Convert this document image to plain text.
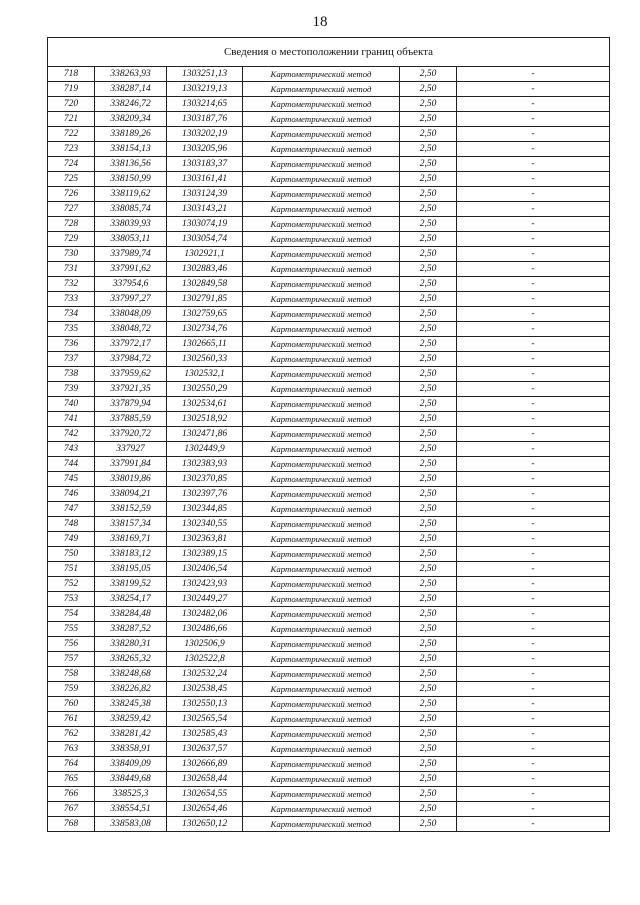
18
Сведения о местоположении границ объекта					
718	338263,93	1303251,13	Картометрический метод	2,50	-
719	338287,14	1303219,13	Картометрический метод	2,50	-
720	338246,72	1303214,65	Картометрический метод	2,50	-
721	338209,34	1303187,76	Картометрический метод	2,50	-
722	338189,26	1303202,19	Картометрический метод	2,50	-
723	338154,13	1303205,96	Картометрический метод	2,50	-
724	338136,56	1303183,37	Картометрический метод	2,50	-
725	338150,99	1303161,41	Картометрический метод	2,50	-
726	338119,62	1303124,39	Картометрический метод	2,50	-
727	338085,74	1303143,21	Картометрический метод	2,50	-
728	338039,93	1303074,19	Картометрический метод	2,50	-
729	338053,11	1303054,74	Картометрический метод	2,50	-
730	337989,74	1302921,1	Картометрический метод	2,50	-
731	337991,62	1302883,46	Картометрический метод	2,50	-
732	337954,6	1302849,58	Картометрический метод	2,50	-
733	337997,27	1302791,85	Картометрический метод	2,50	-
734	338048,09	1302759,65	Картометрический метод	2,50	-
735	338048,72	1302734,76	Картометрический метод	2,50	-
736	337972,17	1302665,11	Картометрический метод	2,50	-
737	337984,72	1302560,33	Картометрический метод	2,50	-
738	337959,62	1302532,1	Картометрический метод	2,50	-
739	337921,35	1302550,29	Картометрический метод	2,50	-
740	337879,94	1302534,61	Картометрический метод	2,50	-
741	337885,59	1302518,92	Картометрический метод	2,50	-
742	337920,72	1302471,86	Картометрический метод	2,50	-
743	337927	1302449,9	Картометрический метод	2,50	-
744	337991,84	1302383,93	Картометрический метод	2,50	-
745	338019,86	1302370,85	Картометрический метод	2,50	-
746	338094,21	1302397,76	Картометрический метод	2,50	-
747	338152,59	1302344,85	Картометрический метод	2,50	-
748	338157,34	1302340,55	Картометрический метод	2,50	-
749	338169,71	1302363,81	Картометрический метод	2,50	-
750	338183,12	1302389,15	Картометрический метод	2,50	-
751	338195,05	1302406,54	Картометрический метод	2,50	-
752	338199,52	1302423,93	Картометрический метод	2,50	-
753	338254,17	1302449,27	Картометрический метод	2,50	-
754	338284,48	1302482,06	Картометрический метод	2,50	-
755	338287,52	1302486,66	Картометрический метод	2,50	-
756	338280,31	1302506,9	Картометрический метод	2,50	-
757	338265,32	1302522,8	Картометрический метод	2,50	-
758	338248,68	1302532,24	Картометрический метод	2,50	-
759	338226,82	1302538,45	Картометрический метод	2,50	-
760	338245,38	1302550,13	Картометрический метод	2,50	-
761	338259,42	1302565,54	Картометрический метод	2,50	-
762	338281,42	1302585,43	Картометрический метод	2,50	-
763	338358,91	1302637,57	Картометрический метод	2,50	-
764	338409,09	1302666,89	Картометрический метод	2,50	-
765	338449,68	1302658,44	Картометрический метод	2,50	-
766	338525,3	1302654,55	Картометрический метод	2,50	-
767	338554,51	1302654,46	Картометрический метод	2,50	-
768	338583,08	1302650,12	Картометрический метод	2,50	-
